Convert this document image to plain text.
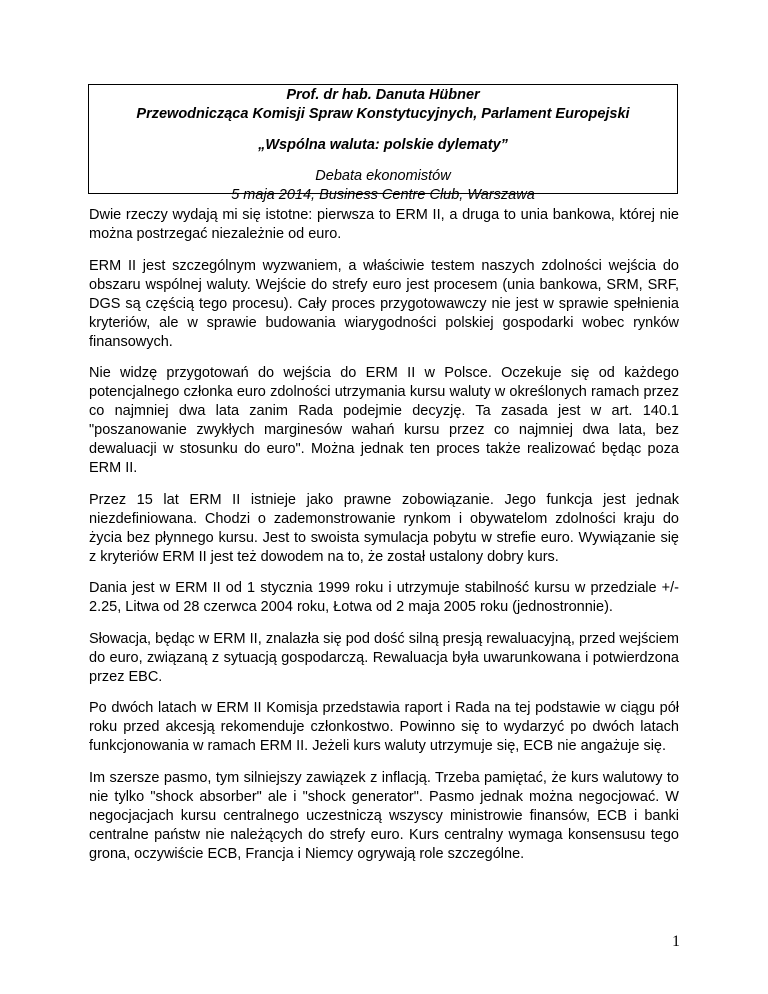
Prof. dr hab. Danuta Hübner

Przewodnicząca Komisji Spraw Konstytucyjnych, Parlament Europejski

„Wspólna waluta: polskie dylematy”

Debata ekonomistów

5 maja 2014, Business Centre Club, Warszawa

Dwie rzeczy wydają mi się istotne: pierwsza to ERM II, a druga to unia bankowa, której nie można postrzegać niezależnie od euro.

ERM II jest szczególnym wyzwaniem, a właściwie testem naszych zdolności wejścia do obszaru wspólnej waluty. Wejście do strefy euro jest procesem (unia bankowa, SRM, SRF, DGS są częścią tego procesu). Cały proces przygotowawczy nie jest w sprawie spełnienia kryteriów, ale w sprawie budowania wiarygodności polskiej gospodarki wobec rynków finansowych.

Nie widzę przygotowań do wejścia do ERM II w Polsce. Oczekuje się od każdego potencjalnego członka euro zdolności utrzymania kursu waluty w określonych ramach przez co najmniej dwa lata zanim Rada podejmie decyzję. Ta zasada jest w art. 140.1 "poszanowanie zwykłych marginesów wahań kursu przez co najmniej dwa lata, bez dewaluacji w stosunku do euro". Można jednak ten proces także realizować będąc poza ERM II.

Przez 15 lat ERM II istnieje jako prawne zobowiązanie. Jego funkcja jest jednak niezdefiniowana. Chodzi o zademonstrowanie rynkom i obywatelom zdolności kraju do życia bez płynnego kursu. Jest to swoista symulacja pobytu w strefie euro. Wywiązanie się z kryteriów ERM II jest też dowodem na to, że został ustalony dobry kurs.

Dania jest w ERM II od 1 stycznia 1999 roku i utrzymuje stabilność kursu w przedziale +/- 2.25, Litwa od 28 czerwca 2004 roku, Łotwa od 2 maja 2005 roku (jednostronnie).

Słowacja, będąc w ERM II, znalazła się pod dość silną presją rewaluacyjną, przed wejściem do euro, związaną z sytuacją gospodarczą. Rewaluacja była uwarunkowana i potwierdzona przez EBC.

Po dwóch latach w ERM II Komisja przedstawia raport i Rada na tej podstawie w ciągu pół roku przed akcesją rekomenduje członkostwo. Powinno się to wydarzyć po dwóch latach funkcjonowania w ramach ERM II. Jeżeli kurs waluty utrzymuje się, ECB nie angażuje się.

Im szersze pasmo, tym silniejszy zawiązek z inflacją. Trzeba pamiętać, że kurs walutowy to nie tylko "shock absorber" ale i "shock generator". Pasmo jednak można negocjować. W negocjacjach kursu centralnego uczestniczą wszyscy ministrowie finansów, ECB i banki centralne państw nie należących do strefy euro. Kurs centralny wymaga konsensusu tego grona, oczywiście ECB, Francja i Niemcy ogrywają role szczególne.

1
